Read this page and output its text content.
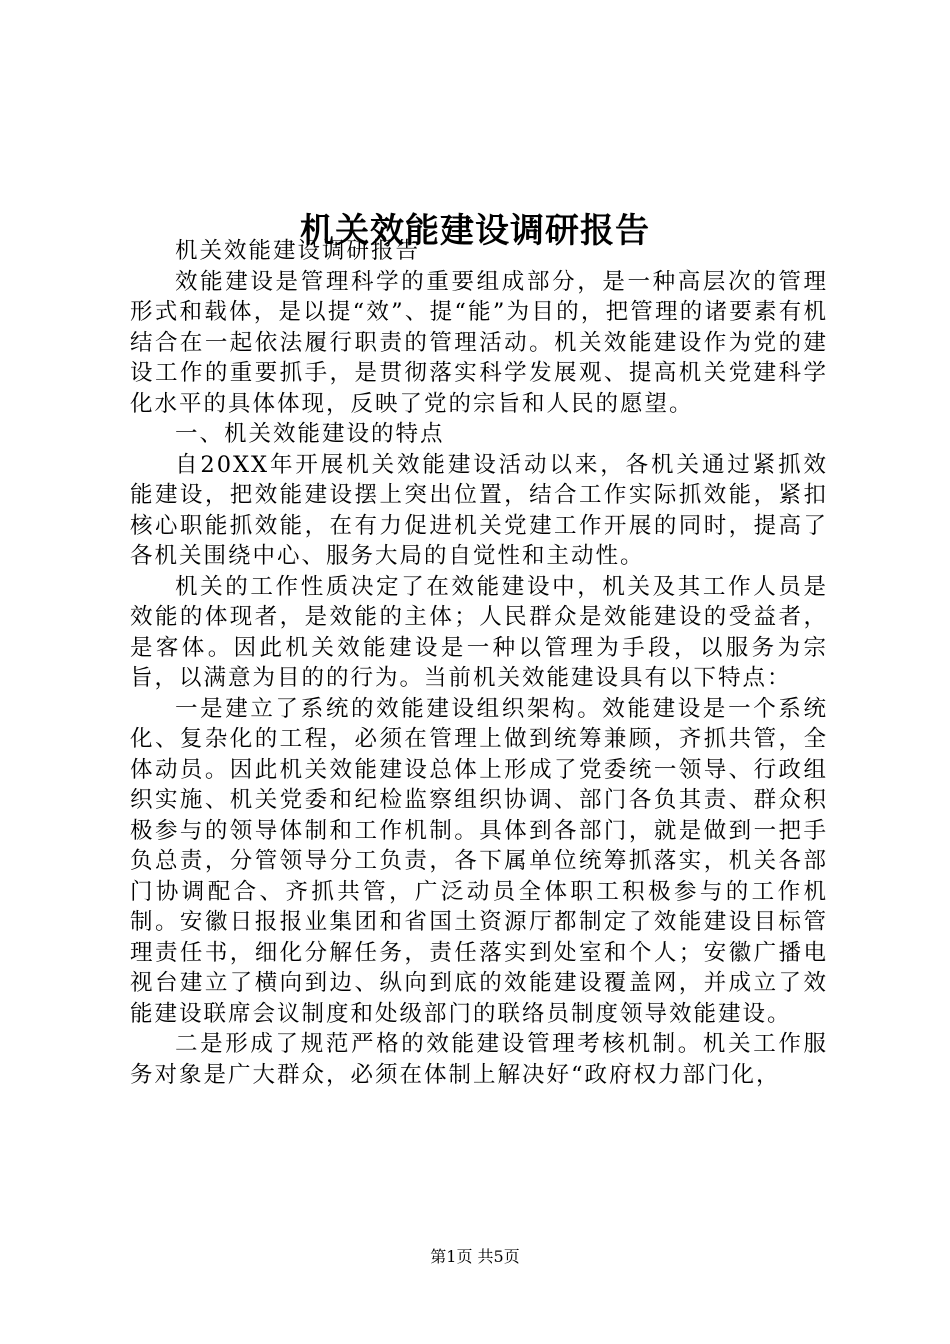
机关效能建设调研报告

机关效能建设调研报告

效能建设是管理科学的重要组成部分，是一种高层次的管理形式和载体，是以提“效”、提“能”为目的，把管理的诸要素有机结合在一起依法履行职责的管理活动。机关效能建设作为党的建设工作的重要抓手，是贯彻落实科学发展观、提高机关党建科学化水平的具体体现，反映了党的宗旨和人民的愿望。

一、机关效能建设的特点

自20XX年开展机关效能建设活动以来，各机关通过紧抓效能建设，把效能建设摆上突出位置，结合工作实际抓效能，紧扣核心职能抓效能，在有力促进机关党建工作开展的同时，提高了各机关围绕中心、服务大局的自觉性和主动性。

机关的工作性质决定了在效能建设中，机关及其工作人员是效能的体现者，是效能的主体；人民群众是效能建设的受益者，是客体。因此机关效能建设是一种以管理为手段，以服务为宗旨，以满意为目的的行为。当前机关效能建设具有以下特点：

一是建立了系统的效能建设组织架构。效能建设是一个系统化、复杂化的工程，必须在管理上做到统筹兼顾，齐抓共管，全体动员。因此机关效能建设总体上形成了党委统一领导、行政组织实施、机关党委和纪检监察组织协调、部门各负其责、群众积极参与的领导体制和工作机制。具体到各部门，就是做到一把手负总责，分管领导分工负责，各下属单位统筹抓落实，机关各部门协调配合、齐抓共管，广泛动员全体职工积极参与的工作机制。安徽日报报业集团和省国土资源厅都制定了效能建设目标管理责任书，细化分解任务，责任落实到处室和个人；安徽广播电视台建立了横向到边、纵向到底的效能建设覆盖网，并成立了效能建设联席会议制度和处级部门的联络员制度领导效能建设。

二是形成了规范严格的效能建设管理考核机制。机关工作服务对象是广大群众，必须在体制上解决好“政府权力部门化，

第1页 共5页
